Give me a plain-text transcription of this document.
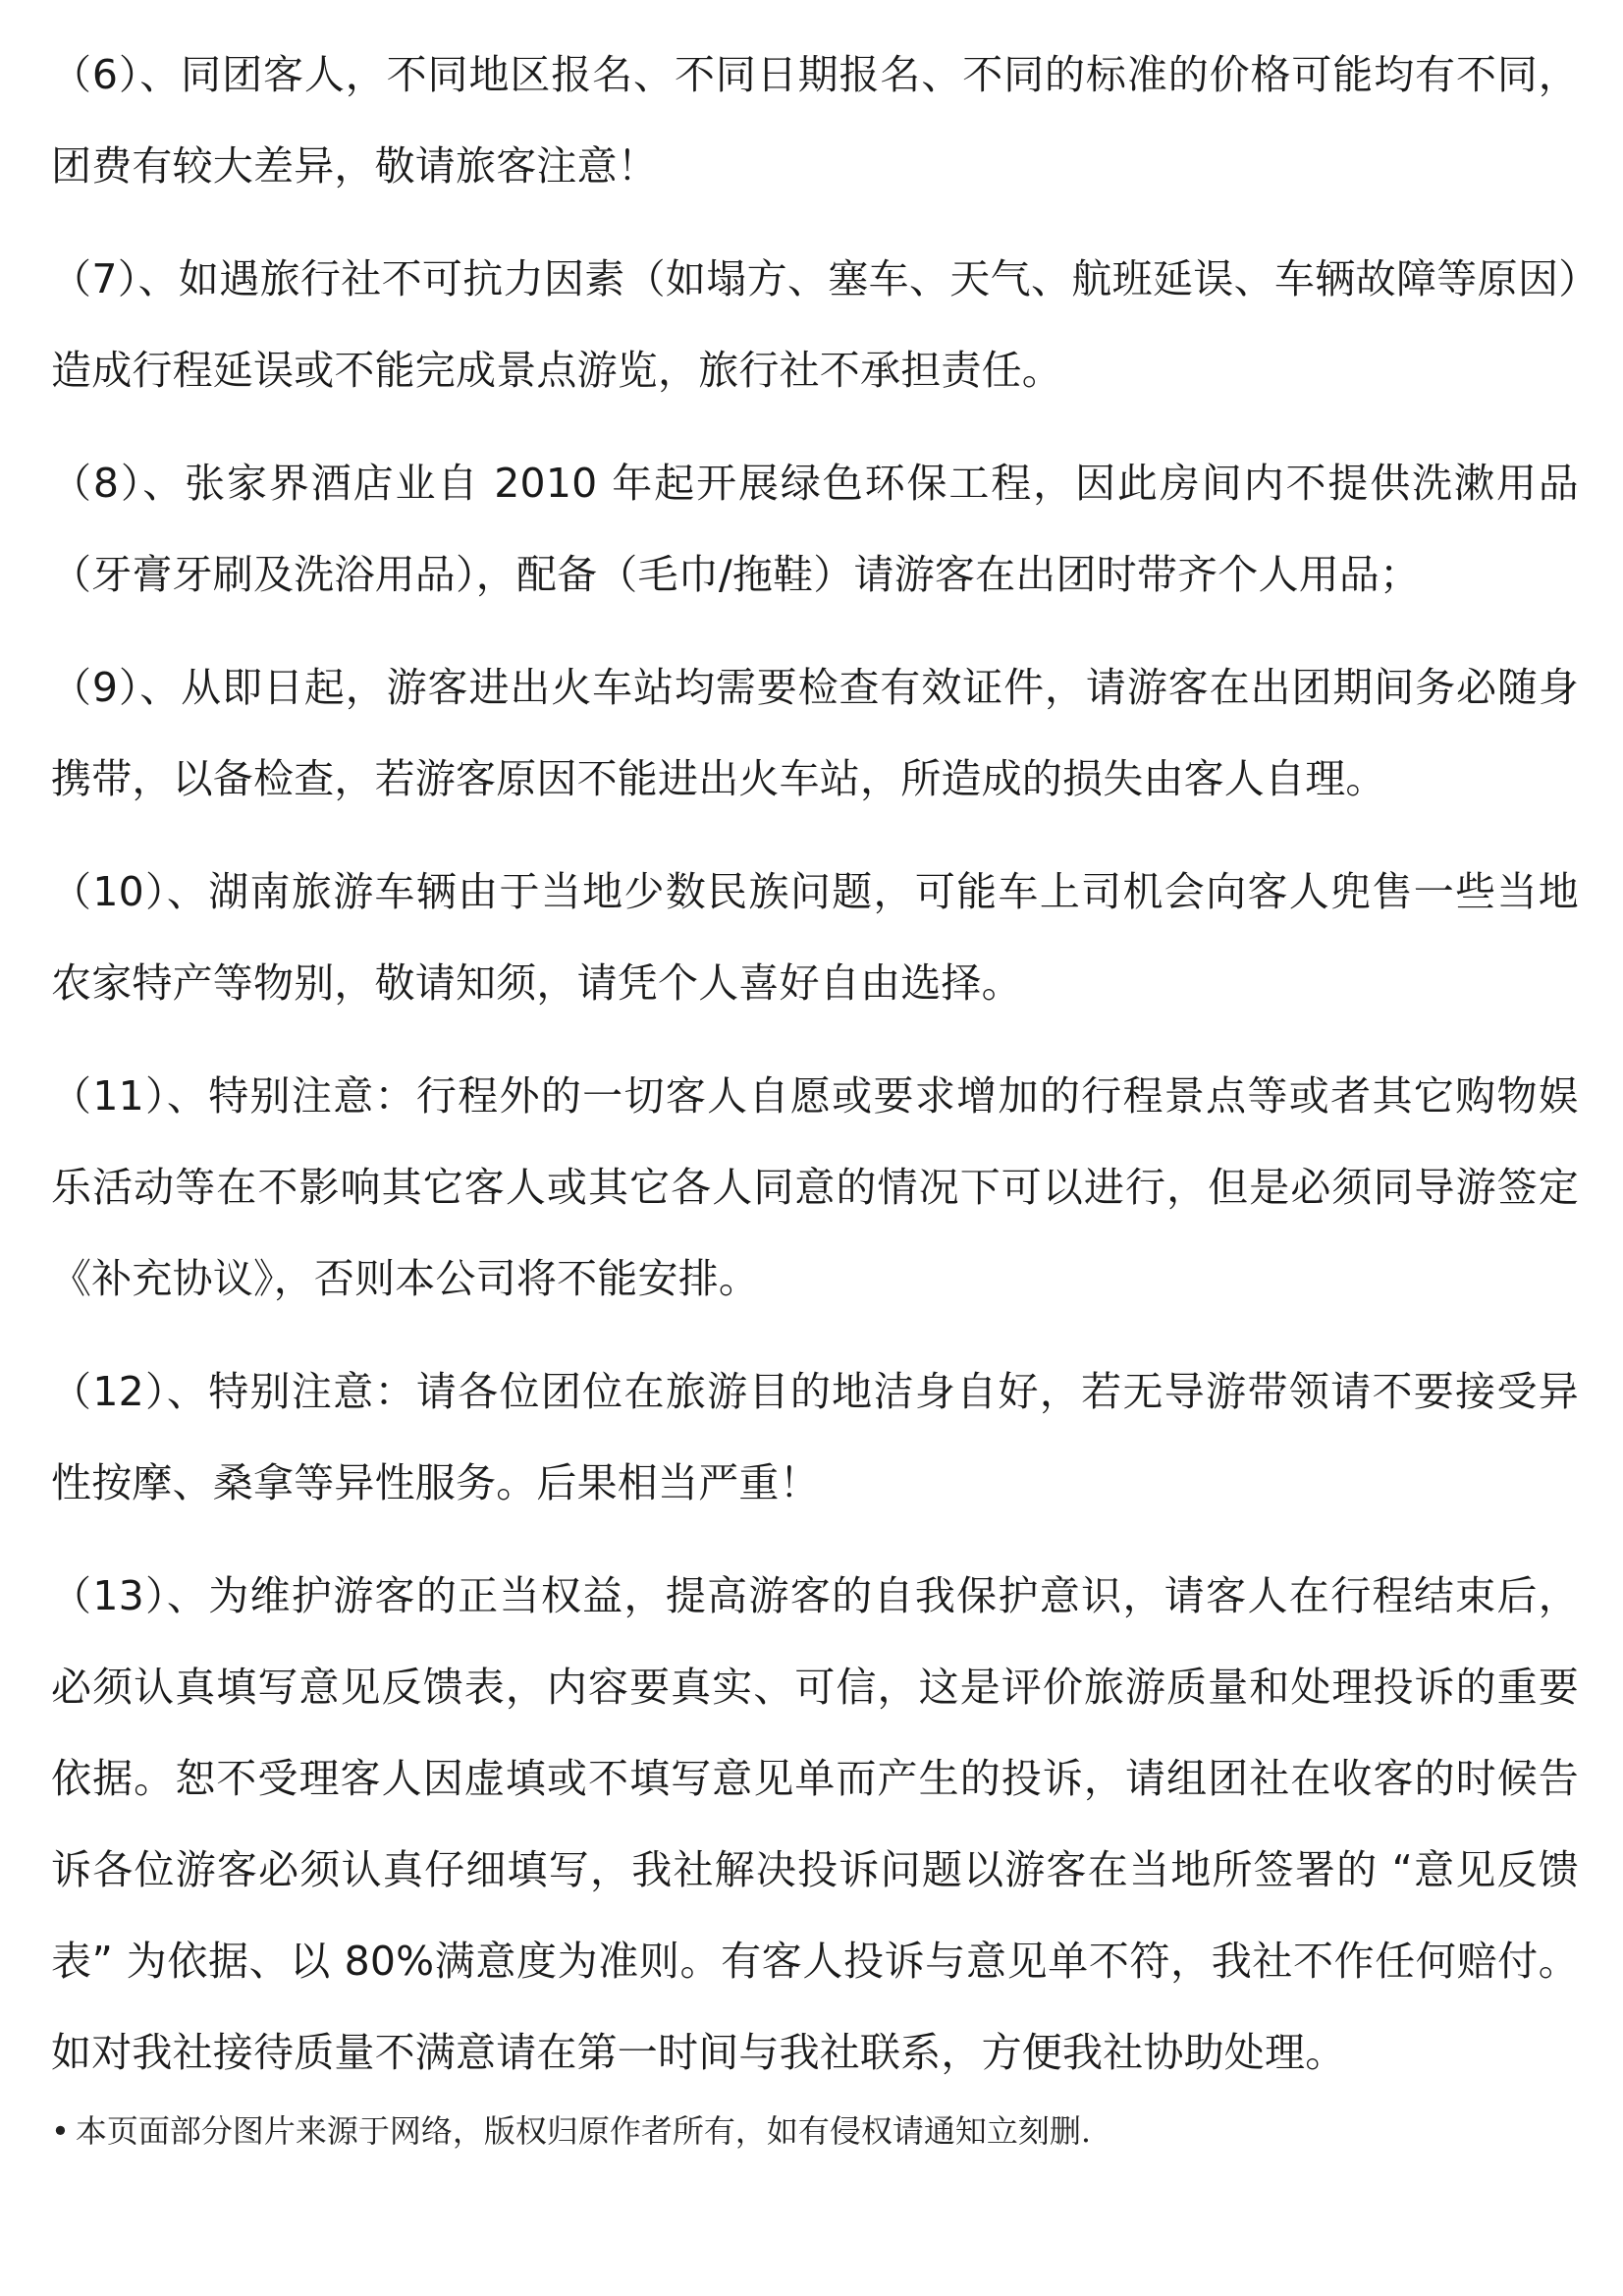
（6）、同团客人，不同地区报名、不同日期报名、不同的标准的价格可能均有不同，团费有较大差异，敬请旅客注意！

（7）、如遇旅行社不可抗力因素（如塌方、塞车、天气、航班延误、车辆故障等原因）造成行程延误或不能完成景点游览，旅行社不承担责任。

（8）、张家界酒店业自 2010 年起开展绿色环保工程，因此房间内不提供洗漱用品（牙膏牙刷及洗浴用品），配备（毛巾/拖鞋）请游客在出团时带齐个人用品；

（9）、从即日起，游客进出火车站均需要检查有效证件，请游客在出团期间务必随身携带，以备检查，若游客原因不能进出火车站，所造成的损失由客人自理。

（10）、湖南旅游车辆由于当地少数民族问题，可能车上司机会向客人兜售一些当地农家特产等物别，敬请知须，请凭个人喜好自由选择。

（11）、特别注意：行程外的一切客人自愿或要求增加的行程景点等或者其它购物娱乐活动等在不影响其它客人或其它各人同意的情况下可以进行，但是必须同导游签定《补充协议》，否则本公司将不能安排。

（12）、特别注意：请各位团位在旅游目的地洁身自好，若无导游带领请不要接受异性按摩、桑拿等异性服务。后果相当严重！

（13）、为维护游客的正当权益，提高游客的自我保护意识，请客人在行程结束后，必须认真填写意见反馈表，内容要真实、可信，这是评价旅游质量和处理投诉的重要依据。恕不受理客人因虚填或不填写意见单而产生的投诉，请组团社在收客的时候告诉各位游客必须认真仔细填写，我社解决投诉问题以游客在当地所签署的 “意见反馈表” 为依据、以 80%满意度为准则。有客人投诉与意见单不符，我社不作任何赔付。如对我社接待质量不满意请在第一时间与我社联系，方便我社协助处理。

• 本页面部分图片来源于网络，版权归原作者所有，如有侵权请通知立刻删.
